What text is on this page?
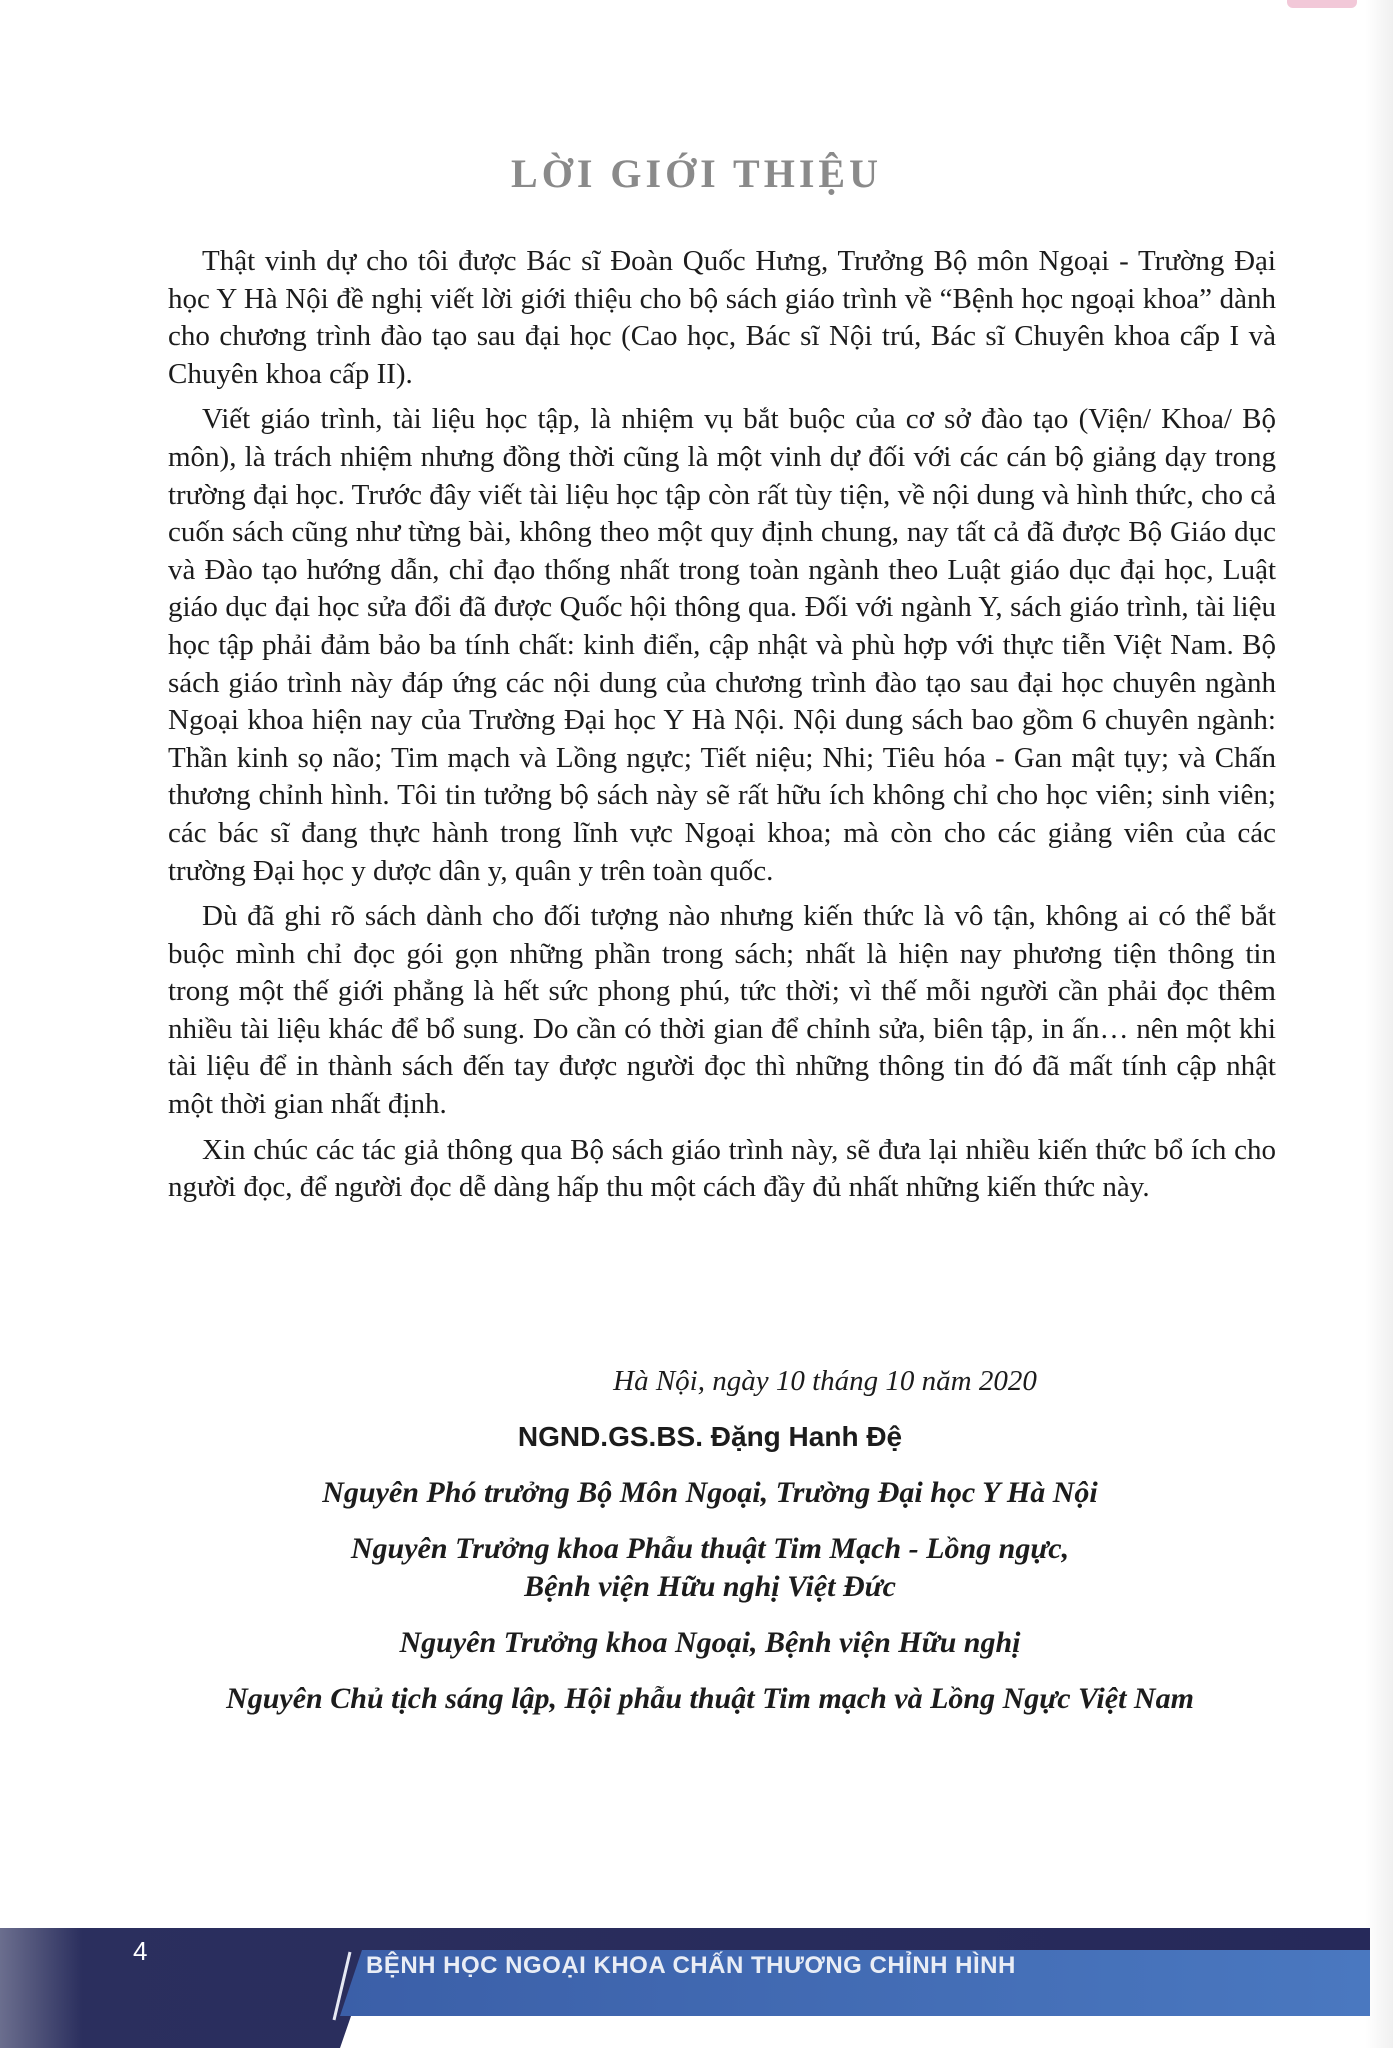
LỜI GIỚI THIỆU

Thật vinh dự cho tôi được Bác sĩ Đoàn Quốc Hưng, Trưởng Bộ môn Ngoại - Trường Đại học Y Hà Nội đề nghị viết lời giới thiệu cho bộ sách giáo trình về “Bệnh học ngoại khoa” dành cho chương trình đào tạo sau đại học (Cao học, Bác sĩ Nội trú, Bác sĩ Chuyên khoa cấp I và Chuyên khoa cấp II).

Viết giáo trình, tài liệu học tập, là nhiệm vụ bắt buộc của cơ sở đào tạo (Viện/ Khoa/ Bộ môn), là trách nhiệm nhưng đồng thời cũng là một vinh dự đối với các cán bộ giảng dạy trong trường đại học. Trước đây viết tài liệu học tập còn rất tùy tiện, về nội dung và hình thức, cho cả cuốn sách cũng như từng bài, không theo một quy định chung, nay tất cả đã được Bộ Giáo dục và Đào tạo hướng dẫn, chỉ đạo thống nhất trong toàn ngành theo Luật giáo dục đại học, Luật giáo dục đại học sửa đổi đã được Quốc hội thông qua. Đối với ngành Y, sách giáo trình, tài liệu học tập phải đảm bảo ba tính chất: kinh điển, cập nhật và phù hợp với thực tiễn Việt Nam. Bộ sách giáo trình này đáp ứng các nội dung của chương trình đào tạo sau đại học chuyên ngành Ngoại khoa hiện nay của Trường Đại học Y Hà Nội. Nội dung sách bao gồm 6 chuyên ngành: Thần kinh sọ não; Tim mạch và Lồng ngực; Tiết niệu; Nhi; Tiêu hóa - Gan mật tụy; và Chấn thương chỉnh hình. Tôi tin tưởng bộ sách này sẽ rất hữu ích không chỉ cho học viên; sinh viên; các bác sĩ đang thực hành trong lĩnh vực Ngoại khoa; mà còn cho các giảng viên của các trường Đại học y dược dân y, quân y trên toàn quốc.

Dù đã ghi rõ sách dành cho đối tượng nào nhưng kiến thức là vô tận, không ai có thể bắt buộc mình chỉ đọc gói gọn những phần trong sách; nhất là hiện nay phương tiện thông tin trong một thế giới phẳng là hết sức phong phú, tức thời; vì thế mỗi người cần phải đọc thêm nhiều tài liệu khác để bổ sung. Do cần có thời gian để chỉnh sửa, biên tập, in ấn… nên một khi tài liệu để in thành sách đến tay được người đọc thì những thông tin đó đã mất tính cập nhật một thời gian nhất định.

Xin chúc các tác giả thông qua Bộ sách giáo trình này, sẽ đưa lại nhiều kiến thức bổ ích cho người đọc, để người đọc dễ dàng hấp thu một cách đầy đủ nhất những kiến thức này.

Hà Nội, ngày 10 tháng 10 năm 2020
NGND.GS.BS. Đặng Hanh Đệ
Nguyên Phó trưởng Bộ Môn Ngoại, Trường Đại học Y Hà Nội
Nguyên Trưởng khoa Phẫu thuật Tim Mạch - Lồng ngực,
Bệnh viện Hữu nghị Việt Đức
Nguyên Trưởng khoa Ngoại, Bệnh viện Hữu nghị
Nguyên Chủ tịch sáng lập, Hội phẫu thuật Tim mạch và Lồng Ngực Việt Nam
4	BỆNH HỌC NGOẠI KHOA CHẤN THƯƠNG CHỈNH HÌNH
